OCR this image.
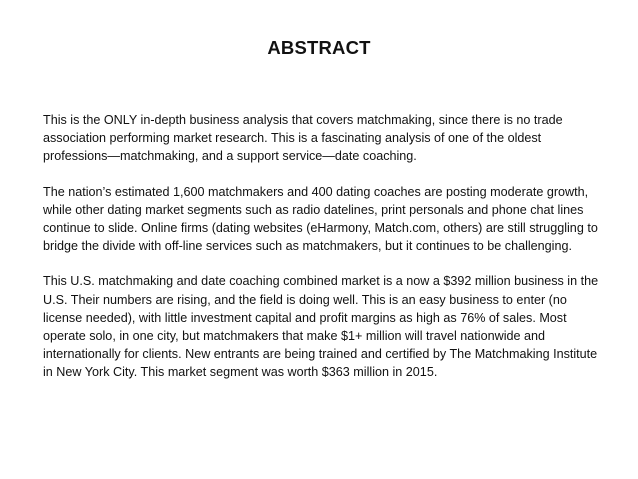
ABSTRACT

This is the ONLY in-depth business analysis that covers matchmaking, since there is no trade association performing market research. This is a fascinating analysis of one of the oldest professions—matchmaking, and a support service—date coaching.

The nation’s estimated 1,600 matchmakers and 400 dating coaches are posting moderate growth, while other dating market segments such as radio datelines, print personals and phone chat lines continue to slide. Online firms (dating websites (eHarmony, Match.com, others) are still struggling to bridge the divide with off-line services such as matchmakers, but it continues to be challenging.

This U.S. matchmaking and date coaching combined market is a now a $392 million business in the U.S. Their numbers are rising, and the field is doing well. This is an easy business to enter (no license needed), with little investment capital and profit margins as high as 76% of sales. Most operate solo, in one city, but matchmakers that make $1+ million will travel nationwide and internationally for clients. New entrants are being trained and certified by The Matchmaking Institute in New York City. This market segment was worth $363 million in 2015.
